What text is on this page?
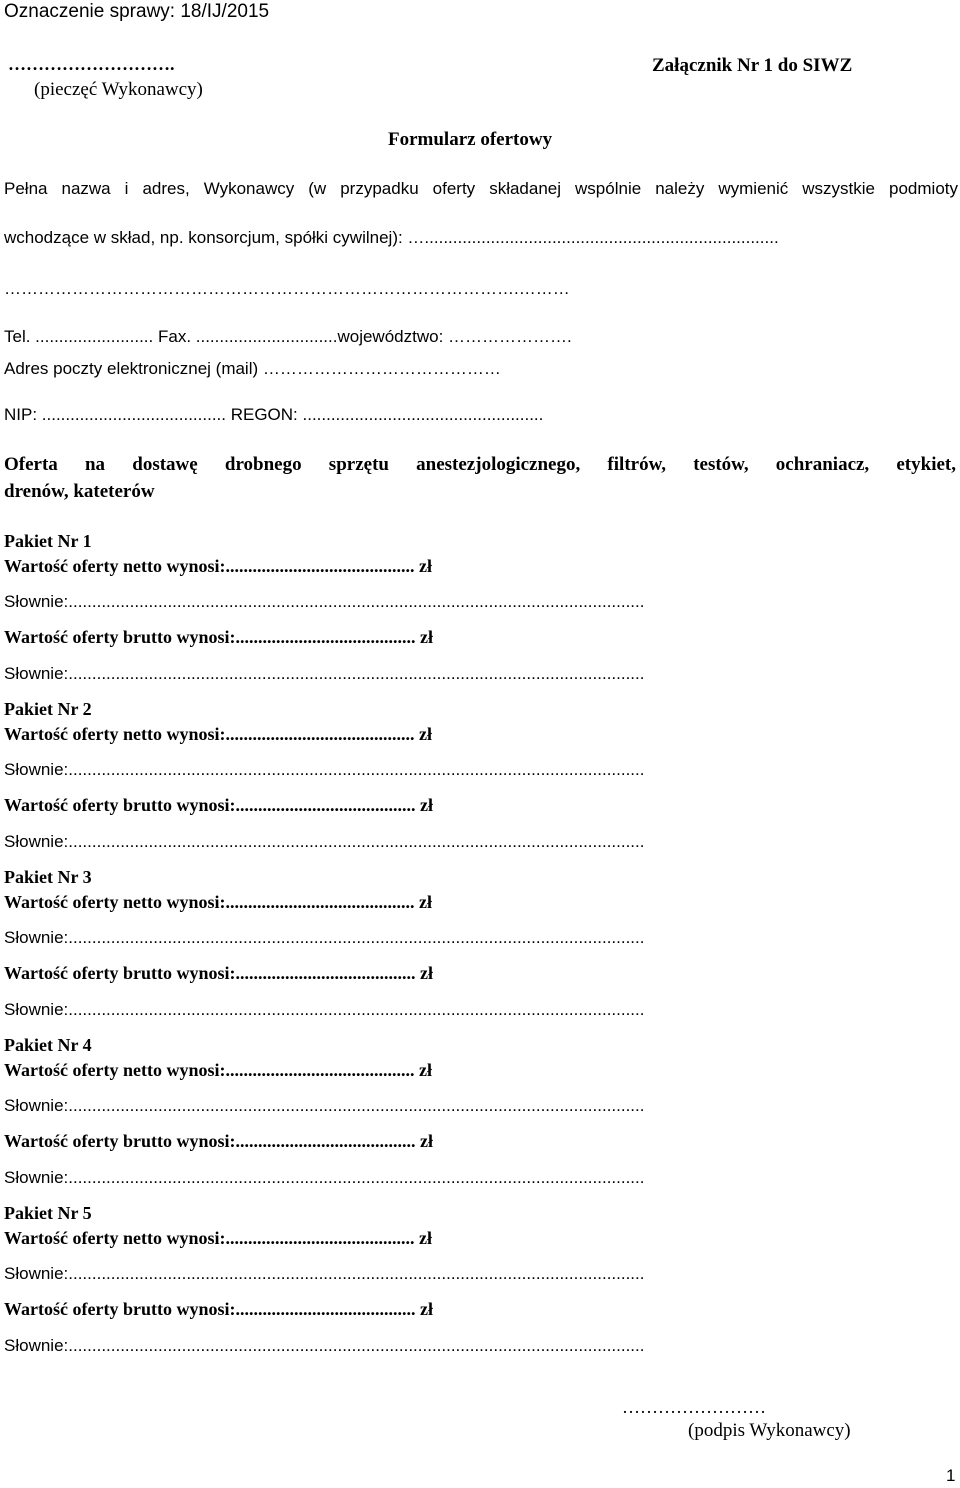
Oznaczenie sprawy: 18/IJ/2015
……………………….
(pieczęć Wykonawcy)
Załącznik Nr 1 do SIWZ
Formularz ofertowy
Pełna nazwa i adres, Wykonawcy (w przypadku oferty składanej wspólnie należy wymienić wszystkie podmioty
wchodzące w skład, np. konsorcjum, spółki cywilnej): …...........................................................................
……………………………………………………………………………….………
Tel. ......................... Fax. ..............................województwo: ………………….
Adres poczty elektronicznej (mail) ……………………………………
NIP: ....................................... REGON: ...................................................
Oferta na dostawę drobnego sprzętu anestezjologicznego, filtrów, testów, ochraniacz, etykiet,
drenów, kateterów
Pakiet Nr 1
Wartość oferty netto wynosi:.......................................... zł
Słownie:..........................................................................................................................
Wartość oferty brutto wynosi:........................................ zł
Słownie:..........................................................................................................................
Pakiet Nr 2
Wartość oferty netto wynosi:.......................................... zł
Słownie:..........................................................................................................................
Wartość oferty brutto wynosi:........................................ zł
Słownie:..........................................................................................................................
Pakiet Nr 3
Wartość oferty netto wynosi:.......................................... zł
Słownie:..........................................................................................................................
Wartość oferty brutto wynosi:........................................ zł
Słownie:..........................................................................................................................
Pakiet Nr 4
Wartość oferty netto wynosi:.......................................... zł
Słownie:..........................................................................................................................
Wartość oferty brutto wynosi:........................................ zł
Słownie:..........................................................................................................................
Pakiet Nr 5
Wartość oferty netto wynosi:.......................................... zł
Słownie:..........................................................................................................................
Wartość oferty brutto wynosi:........................................ zł
Słownie:..........................................................................................................................
……………………
(podpis Wykonawcy)
1
